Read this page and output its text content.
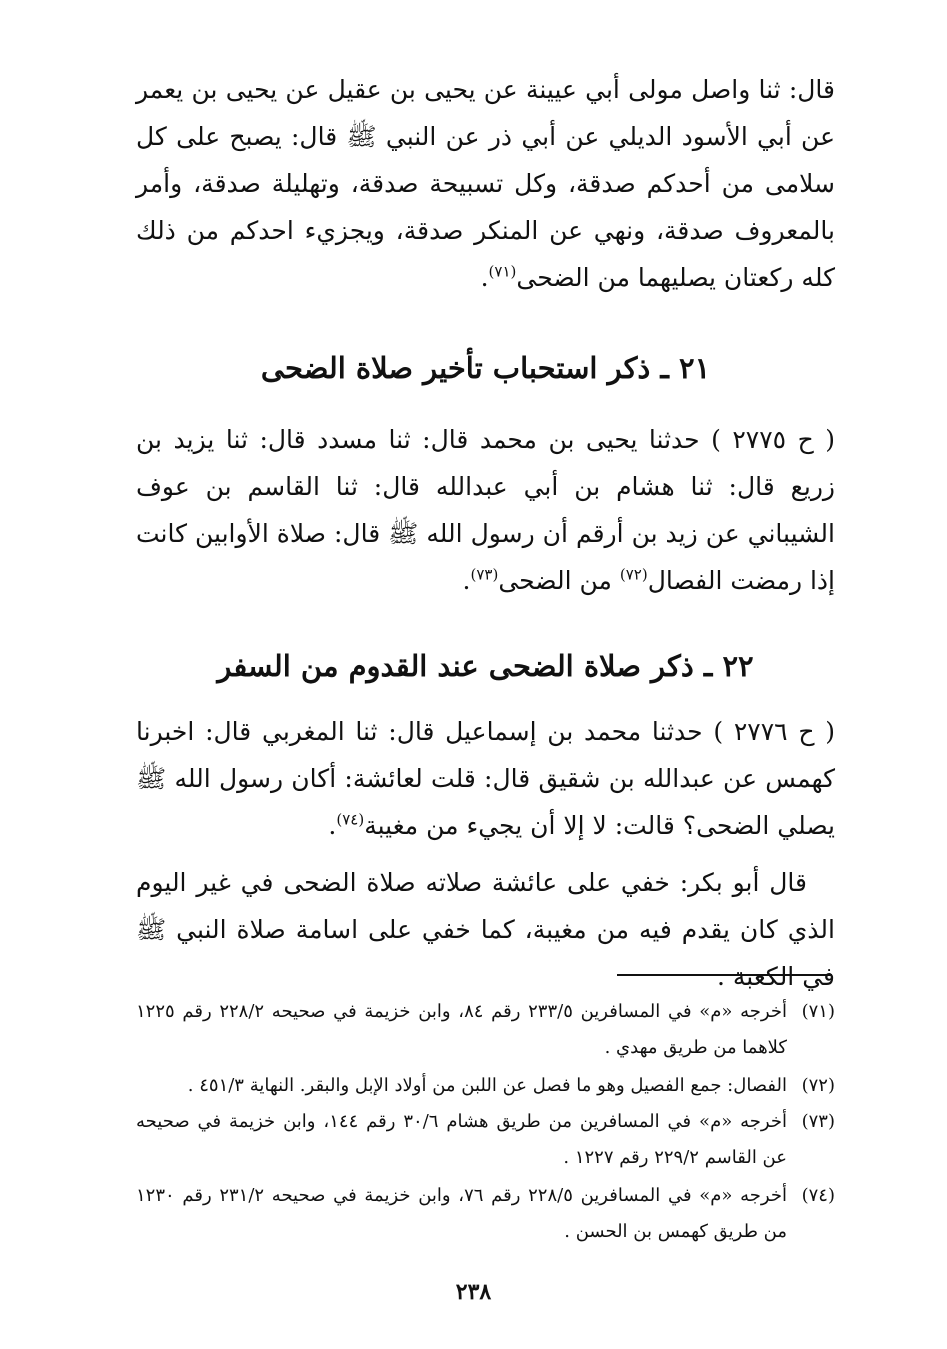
قال: ثنا واصل مولى أبي عيينة عن يحيى بن عقيل عن يحيى بن يعمر عن أبي الأسود الديلي عن أبي ذر عن النبي ﷺ قال: يصبح على كل سلامى من أحدكم صدقة، وكل تسبيحة صدقة، وتهليلة صدقة، وأمر بالمعروف صدقة، ونهي عن المنكر صدقة، ويجزيء احدكم من ذلك كله ركعتان يصليهما من الضحى$^{(٧١)}$.

٢١ ـ ذكر استحباب تأخير صلاة الضحى

( ح ٢٧٧٥ ) حدثنا يحيى بن محمد قال: ثنا مسدد قال: ثنا يزيد بن زريع قال: ثنا هشام بن أبي عبدالله قال: ثنا القاسم بن عوف الشيباني عن زيد بن أرقم أن رسول الله ﷺ قال: صلاة الأوابين كانت إذا رمضت الفصال$^{(٧٢)}$ من الضحى$^{(٧٣)}$.

٢٢ ـ ذكر صلاة الضحى عند القدوم من السفر

( ح ٢٧٧٦ ) حدثنا محمد بن إسماعيل قال: ثنا المغربي قال: اخبرنا كهمس عن عبدالله بن شقيق قال: قلت لعائشة: أكان رسول الله ﷺ يصلي الضحى؟ قالت: لا إلا أن يجيء من مغيبة$^{(٧٤)}$.

قال أبو بكر: خفي على عائشة صلاته صلاة الضحى في غير اليوم الذي كان يقدم فيه من مغيبة، كما خفي على اسامة صلاة النبي ﷺ في الكعبة .

(٧١)
أخرجه «م» في المسافرين ٢٣٣/٥ رقم ٨٤، وابن خزيمة في صحيحه ٢٢٨/٢ رقم ١٢٢٥ كلاهما من طريق مهدي .

(٧٢)
الفصال: جمع الفصيل وهو ما فصل عن اللبن من أولاد الإبل والبقر. النهاية ٤٥١/٣ .

(٧٣)
أخرجه «م» في المسافرين من طريق هشام ٣٠/٦ رقم ١٤٤، وابن خزيمة في صحيحه عن القاسم ٢٢٩/٢ رقم ١٢٢٧ .

(٧٤)
أخرجه «م» في المسافرين ٢٢٨/٥ رقم ٧٦، وابن خزيمة في صحيحه ٢٣١/٢ رقم ١٢٣٠ من طريق كهمس بن الحسن .

٢٣٨
